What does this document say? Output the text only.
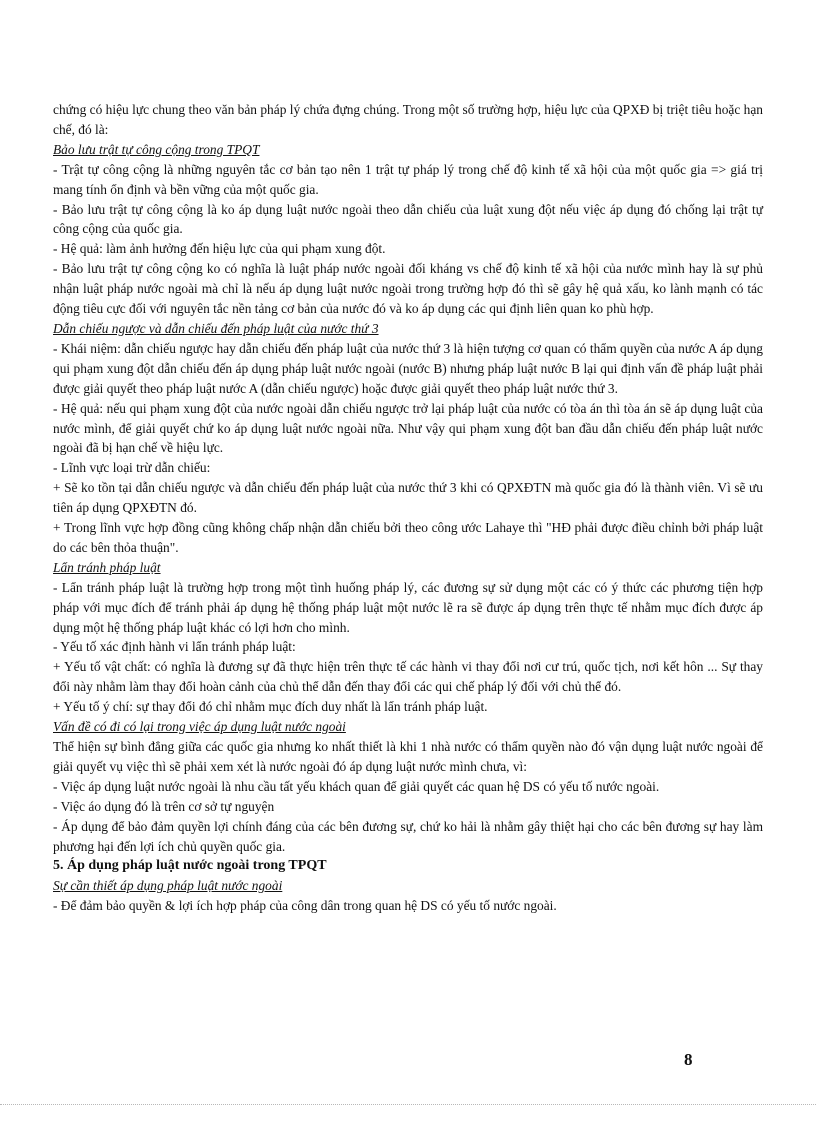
chứng có hiệu lực chung theo văn bản pháp lý chứa đựng chúng. Trong một số trường hợp, hiệu lực của QPXĐ bị triệt tiêu hoặc hạn chế, đó là:

Bảo lưu trật tự công cộng trong TPQT

- Trật tự công cộng là những nguyên tắc cơ bản tạo nên 1 trật tự pháp lý trong chế độ kinh tế xã hội của một quốc gia => giá trị mang tính ổn định và bền vững của một quốc gia.

- Bảo lưu trật tự công cộng là ko áp dụng luật nước ngoài theo dẫn chiếu của luật xung đột nếu việc áp dụng đó chống lại trật tự công cộng của quốc gia.

- Hệ quả: làm ảnh hưởng đến hiệu lực của qui phạm xung đột.

- Bảo lưu trật tự công cộng ko có nghĩa là luật pháp nước ngoài đối kháng vs chế độ kinh tế xã hội của nước mình hay là sự phủ nhận luật pháp nước ngoài mà chỉ là nếu áp dụng luật nước ngoài trong trường hợp đó thì sẽ gây hệ quả xấu, ko lành mạnh có tác động tiêu cực đối với nguyên tắc nền tảng cơ bản của nước đó và ko áp dụng các qui định liên quan ko phù hợp.

Dẫn chiếu ngược và dẫn chiếu đến pháp luật của nước thứ 3

- Khái niệm: dẫn chiếu ngược hay dẫn chiếu đến pháp luật của nước thứ 3 là hiện tượng cơ quan có thẩm quyền của nước A áp dụng qui phạm xung đột dẫn chiếu đến áp dụng pháp luật nước ngoài (nước B) nhưng pháp luật nước B lại qui định vấn đề pháp luật phải được giải quyết theo pháp luật nước A (dẫn chiếu ngược) hoặc được giải quyết theo pháp luật nước thứ 3.

- Hệ quả: nếu qui phạm xung đột của nước ngoài dẫn chiếu ngược trở lại pháp luật của nước có tòa án thì tòa án sẽ áp dụng luật của nước mình, để giải quyết chứ ko áp dụng luật nước ngoài nữa. Như vậy qui phạm xung đột ban đầu dẫn chiếu đến pháp luật nước ngoài đã bị hạn chế về hiệu lực.

- Lĩnh vực loại trừ dẫn chiếu:

+ Sẽ ko tồn tại dẫn chiếu ngược và dẫn chiếu đến pháp luật của nước thứ 3 khi có QPXĐTN mà quốc gia đó là thành viên. Vì sẽ ưu tiên áp dụng QPXĐTN đó.

+ Trong lĩnh vực hợp đồng cũng không chấp nhận dẫn chiếu bởi theo công ước Lahaye thì "HĐ phải được điều chỉnh bởi pháp luật do các bên thỏa thuận".

Lẩn tránh pháp luật

- Lẩn tránh pháp luật là trường hợp trong một tình huống pháp lý, các đương sự sử dụng một các có ý thức các phương tiện hợp pháp với mục đích để tránh phải áp dụng hệ thống pháp luật một nước lẽ ra sẽ được áp dụng trên thực tế nhằm mục đích được áp dụng một hệ thống pháp luật khác có lợi hơn cho mình.

- Yếu tố xác định hành vi lẩn tránh pháp luật:

+ Yếu tố vật chất: có nghĩa là đương sự đã thực hiện trên thực tế các hành vi thay đổi nơi cư trú, quốc tịch, nơi kết hôn ... Sự thay đổi này nhằm làm thay đổi hoàn cảnh của chủ thể dẫn đến thay đổi các qui chế pháp lý đối với chủ thể đó.

+ Yếu tố ý chí: sự thay đổi đó chỉ nhằm mục đích duy nhất là lẩn tránh pháp luật.

Vấn đề có đi có lại trong việc áp dụng luật nước ngoài

Thể hiện sự bình đẳng giữa các quốc gia nhưng ko nhất thiết là khi 1 nhà nước có thẩm quyền nào đó vận dụng luật nước ngoài để giải quyết vụ việc thì sẽ phải xem xét là nước ngoài đó áp dụng luật nước mình chưa, vì:

- Việc áp dụng luật nước ngoài là nhu cầu tất yếu khách quan để giải quyết các quan hệ DS có yếu tố nước ngoài.

- Việc áo dụng đó là trên cơ sở tự nguyện

- Áp dụng để bảo đảm quyền lợi chính đáng của các bên đương sự, chứ ko hải là nhằm gây thiệt hại cho các bên đương sự hay làm phương hại đến lợi ích chủ quyền quốc gia.

5. Áp dụng pháp luật nước ngoài trong TPQT

Sự cần thiết áp dụng pháp luật nước ngoài

- Để đảm bảo quyền & lợi ích hợp pháp của công dân trong quan hệ DS có yếu tố nước ngoài.

8
